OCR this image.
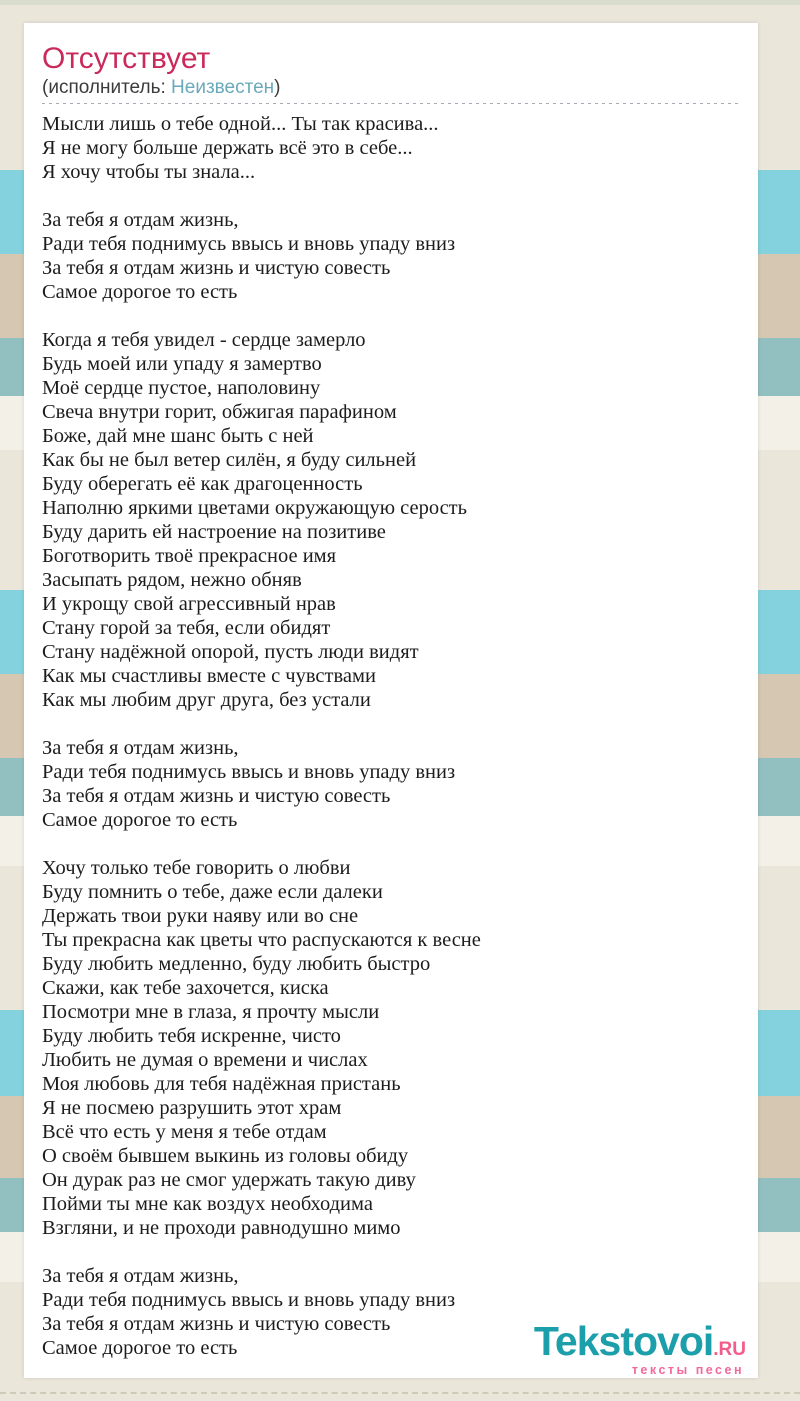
Отсутствует
(исполнитель: Неизвестен)

Мысли лишь о тебе одной... Ты так красива...
Я не могу больше держать всё это в себе...
Я хочу чтобы ты знала...

За тебя я отдам жизнь,
Ради тебя поднимусь ввысь и вновь упаду вниз
За тебя я отдам жизнь и чистую совесть
Самое дорогое то есть

Когда я тебя увидел - сердце замерло
Будь моей или упаду я замертво
Моё сердце пустое, наполовину
Свеча внутри горит, обжигая парафином
Боже, дай мне шанс быть с ней
Как бы не был ветер силён, я буду сильней
Буду оберегать её как драгоценность
Наполню яркими цветами окружающую серость
Буду дарить ей настроение на позитиве
Боготворить твоё прекрасное имя
Засыпать рядом, нежно обняв
И укрощу свой агрессивный нрав
Стану горой за тебя, если обидят
Стану надёжной опорой, пусть люди видят
Как мы счастливы вместе с чувствами
Как мы любим друг друга, без устали

За тебя я отдам жизнь,
Ради тебя поднимусь ввысь и вновь упаду вниз
За тебя я отдам жизнь и чистую совесть
Самое дорогое то есть

Хочу только тебе говорить о любви
Буду помнить о тебе, даже если далеки
Держать твои руки наяву или во сне
Ты прекрасна как цветы что распускаются к весне
Буду любить медленно, буду любить быстро
Скажи, как тебе захочется, киска
Посмотри мне в глаза, я прочту мысли
Буду любить тебя искренне, чисто
Любить не думая о времени и числах
Моя любовь для тебя надёжная пристань
Я не посмею разрушить этот храм
Всё что есть у меня я тебе отдам
О своём бывшем выкинь из головы обиду
Он дурак раз не смог удержать такую диву
Пойми ты мне как воздух необходима
Взгляни, и не проходи равнодушно мимо

За тебя я отдам жизнь,
Ради тебя поднимусь ввысь и вновь упаду вниз
За тебя я отдам жизнь и чистую совесть
Самое дорогое то есть	Tekstovoi.RU
тексты песен
